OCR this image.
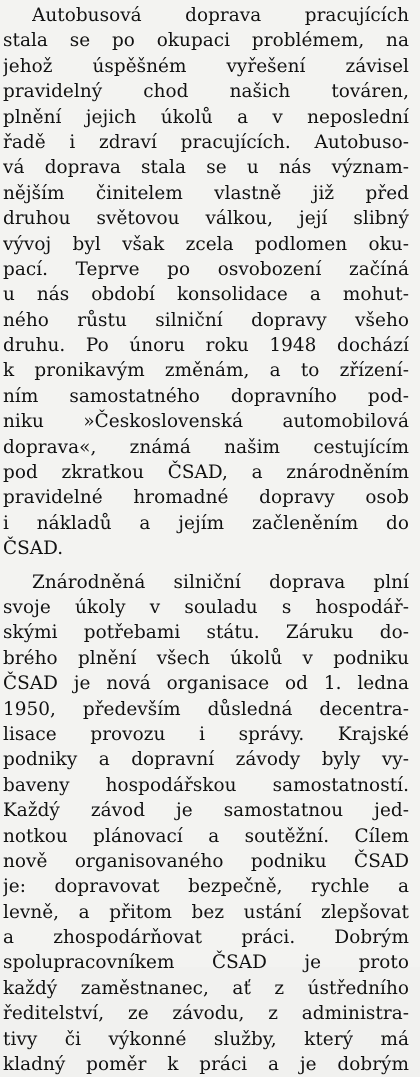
Autobusová doprava pracujících
stala se po okupaci problémem, na
jehož úspěšném vyřešení závisel
pravidelný chod našich továren,
plnění jejich úkolů a v neposlední
řadě i zdraví pracujících. Autobuso-
vá doprava stala se u nás význam-
nějším činitelem vlastně již před
druhou světovou válkou, její slibný
vývoj byl však zcela podlomen oku-
pací. Teprve po osvobození začíná
u nás období konsolidace a mohut-
ného růstu silniční dopravy všeho
druhu. Po únoru roku 1948 dochází
k pronikavým změnám, a to zřízení-
ním samostatného dopravního pod-
niku »Československá automobilová
doprava«, známá našim cestujícím
pod zkratkou ČSAD, a znárodněním
pravidelné hromadné dopravy osob
i nákladů a jejím začleněním do
ČSAD.
Znárodněná silniční doprava plní
svoje úkoly v souladu s hospodář-
skými potřebami státu. Záruku do-
brého plnění všech úkolů v podniku
ČSAD je nová organisace od 1. ledna
1950, především důsledná decentra-
lisace provozu i správy. Krajské
podniky a dopravní závody byly vy-
baveny hospodářskou samostatností.
Každý závod je samostatnou jed-
notkou plánovací a soutěžní. Cílem
nově organisovaného podniku ČSAD
je: dopravovat bezpečně, rychle a
levně, a přitom bez ustání zlepšovat
a zhospodárňovat práci. Dobrým
spolupracovníkem ČSAD je proto
každý zaměstnanec, ať z ústředního
ředitelství, ze závodu, z administra-
tivy či výkonné služby, který má
kladný poměr k práci a je dobrým
